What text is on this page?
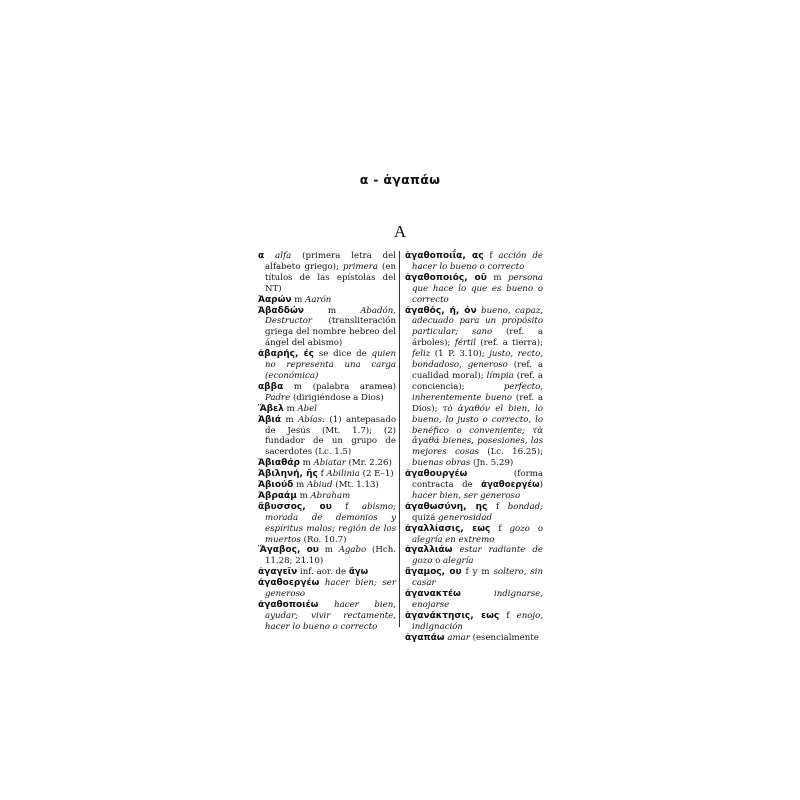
α - ἀγαπάω
A

α alfa (primera letra del alfabeto griego); primera (en títulos de las epístolas del NT)

Ἀαρών m Aarón

Ἀβαδδών m Abadón, Destructor (transliteración griega del nombre hebreo del ángel del abismo)

ἀβαρής, ές se dice de quien no representa una carga (económica)

αββα m (palabra aramea) Padre (dirigiéndose a Dios)

Ἅβελ m Abel

Ἀβιά m Abías: (1) antepasado de Jesús (Mt. 1.7); (2) fundador de un grupo de sacerdotes (Lc. 1.5)

Ἀβιαθάρ m Abiatar (Mr. 2.26)

Ἀβιληνή, ῆς f Abilinia (2 E–1)

Ἀβιούδ m Abiud (Mt. 1.13)

Ἀβραάμ m Abraham

ἄβυσσος, ου f abismo; morada de demonios y espíritus malos; región de los muertos (Ro. 10.7)

Ἅγαβος, ου m Agabo (Hch. 11.28; 21.10)

ἀγαγεῖν inf. aor. de ἄγω

ἀγαθοεργέω hacer bien; ser generoso

ἀγαθοποιέω hacer bien, ayudar; vivir rectamente, hacer lo bueno o correcto

ἀγαθοποιΐα, ας f acción de hacer lo bueno o correcto

ἀγαθοποιός, οῦ m persona que hace lo que es bueno o correcto

ἀγαθός, ή, όν bueno, capaz, adecuado para un propósito particular; sano (ref. a árboles); fértil (ref. a tierra); feliz (1 P. 3.10); justo, recto, bondadoso, generoso (ref. a cualidad moral); límpia (ref. a conciencia); perfecto, inherentemente bueno (ref. a Dios); τὸ ἀγαθόν el bien, lo bueno, lo justo o correcto, lo benéfico o conveniente; τὰ ἀγαθά bienes, posesiones, las mejores cosas (Lc. 16.25); buenas obras (Jn. 5.29)

ἀγαθουργέω (forma contracta de ἀγαθοεργέω) hacer bien, ser generoso

ἀγαθωσύνη, ης f bondad; quizá generosidad

ἀγαλλίασις, εως f gozo o alegría en extremo

ἀγαλλιάω estar radiante de gozo o alegría

ἄγαμος, ου f y m soltero, sin casar

ἀγανακτέω	indignarse, enojarse

ἀγανάκτησις, εως f enojo, indignación

ἀγαπάω amar (esencialmente
